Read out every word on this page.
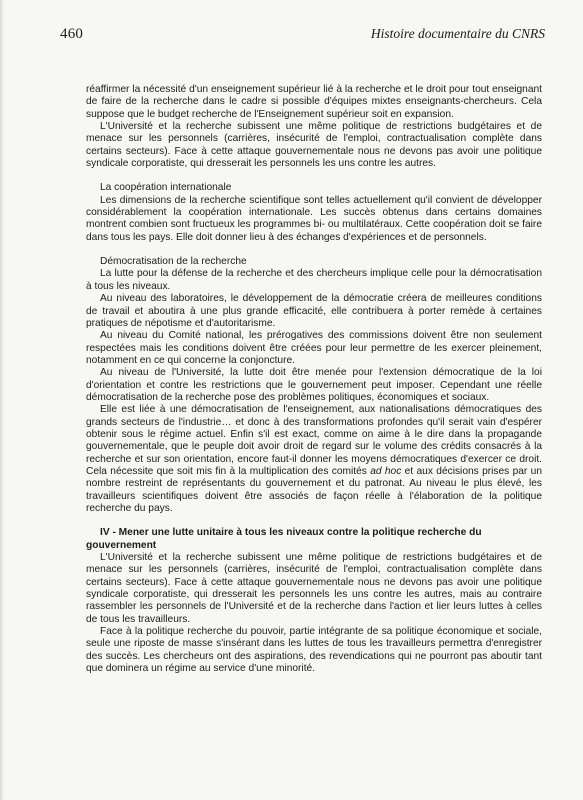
460	Histoire documentaire du CNRS

réaffirmer la nécessité d'un enseignement supérieur lié à la recherche et le droit pour tout enseignant de faire de la recherche dans le cadre si possible d'équipes mixtes enseignants-chercheurs. Cela suppose que le budget recherche de l'Enseignement supérieur soit en expansion.

L'Université et la recherche subissent une même politique de restrictions budgétaires et de menace sur les personnels (carrières, insécurité de l'emploi, contractualisation complète dans certains secteurs). Face à cette attaque gouvernementale nous ne devons pas avoir une politique syndicale corporatiste, qui dresserait les personnels les uns contre les autres.

La coopération internationale

Les dimensions de la recherche scientifique sont telles actuellement qu'il convient de développer considérablement la coopération internationale. Les succès obtenus dans certains domaines montrent combien sont fructueux les programmes bi- ou multilatéraux. Cette coopération doit se faire dans tous les pays. Elle doit donner lieu à des échanges d'expériences et de personnels.

Démocratisation de la recherche

La lutte pour la défense de la recherche et des chercheurs implique celle pour la démocratisation à tous les niveaux.

Au niveau des laboratoires, le développement de la démocratie créera de meilleures conditions de travail et aboutira à une plus grande efficacité, elle contribuera à porter remède à certaines pratiques de népotisme et d'autoritarisme.

Au niveau du Comité national, les prérogatives des commissions doivent être non seulement respectées mais les conditions doivent être créées pour leur permettre de les exercer pleinement, notamment en ce qui concerne la conjoncture.

Au niveau de l'Université, la lutte doit être menée pour l'extension démocratique de la loi d'orientation et contre les restrictions que le gouvernement peut imposer. Cependant une réelle démocratisation de la recherche pose des problèmes politiques, économiques et sociaux.

Elle est liée à une démocratisation de l'enseignement, aux nationalisations démocratiques des grands secteurs de l'industrie… et donc à des transformations profondes qu'il serait vain d'espérer obtenir sous le régime actuel. Enfin s'il est exact, comme on aime à le dire dans la propagande gouvernementale, que le peuple doit avoir droit de regard sur le volume des crédits consacrés à la recherche et sur son orientation, encore faut-il donner les moyens démocratiques d'exercer ce droit. Cela nécessite que soit mis fin à la multiplication des comités ad hoc et aux décisions prises par un nombre restreint de représentants du gouvernement et du patronat. Au niveau le plus élevé, les travailleurs scientifiques doivent être associés de façon réelle à l'élaboration de la politique recherche du pays.

IV - Mener une lutte unitaire à tous les niveaux contre la politique recherche du

gouvernement

L'Université et la recherche subissent une même politique de restrictions budgétaires et de menace sur les personnels (carrières, insécurité de l'emploi, contractualisation complète dans certains secteurs). Face à cette attaque gouvernementale nous ne devons pas avoir une politique syndicale corporatiste, qui dresserait les personnels les uns contre les autres, mais au contraire rassembler les personnels de l'Université et de la recherche dans l'action et lier leurs luttes à celles de tous les travailleurs.

Face à la politique recherche du pouvoir, partie intégrante de sa politique économique et sociale, seule une riposte de masse s'insérant dans les luttes de tous les travailleurs permettra d'enregistrer des succès. Les chercheurs ont des aspirations, des revendications qui ne pourront pas aboutir tant que dominera un régime au service d'une minorité.
